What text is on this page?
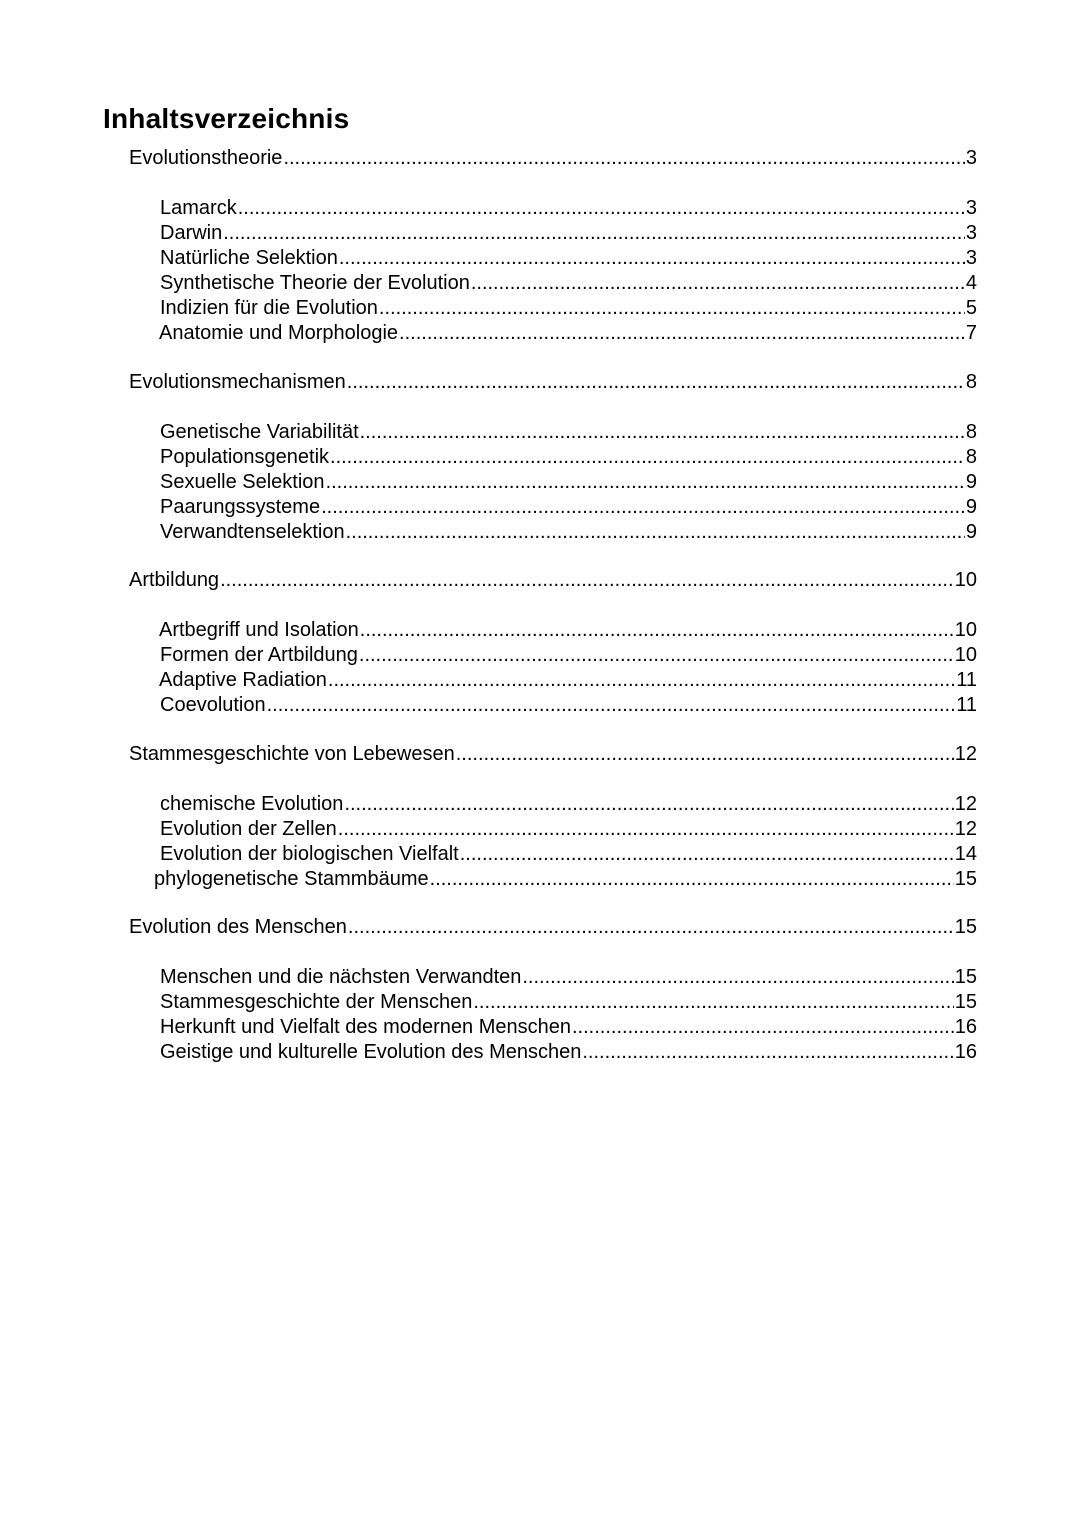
Inhaltsverzeichnis
Evolutionstheorie .....	3
Lamarck .....	3
Darwin .....	3
Natürliche Selektion .....	3
Synthetische Theorie der Evolution .....	4
Indizien für die Evolution .....	5
Anatomie und Morphologie .....	7
Evolutionsmechanismen .....	8
Genetische Variabilität .....	8
Populationsgenetik .....	8
Sexuelle Selektion .....	9
Paarungssysteme .....	9
Verwandtenselektion .....	9
Artbildung .....	10
Artbegriff und Isolation .....	10
Formen der Artbildung .....	10
Adaptive Radiation .....	11
Coevolution .....	11
Stammesgeschichte von Lebewesen .....	12
chemische Evolution .....	12
Evolution der Zellen .....	12
Evolution der biologischen Vielfalt .....	14
phylogenetische Stammbäume .....	15
Evolution des Menschen .....	15
Menschen und die nächsten Verwandten .....	15
Stammesgeschichte der Menschen .....	15
Herkunft und Vielfalt des modernen Menschen .....	16
Geistige und kulturelle Evolution des Menschen .....	16
